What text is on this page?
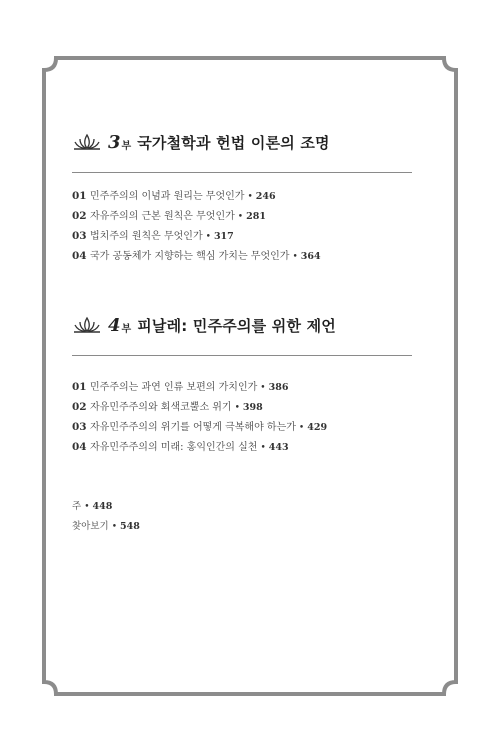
3 부 국가철학과 헌법 이론의 조명
01 민주주의의 이념과 원리는 무엇인가 • 246
02 자유주의의 근본 원칙은 무엇인가 • 281
03 법치주의 원칙은 무엇인가 • 317
04 국가 공동체가 지향하는 핵심 가치는 무엇인가 • 364
4 부 피날레: 민주주의를 위한 제언
01 민주주의는 과연 인류 보편의 가치인가 • 386
02 자유민주주의와 회색코뿔소 위기 • 398
03 자유민주주의의 위기를 어떻게 극복해야 하는가 • 429
04 자유민주주의의 미래: 홍익인간의 실천 • 443
주 • 448
찾아보기 • 548
